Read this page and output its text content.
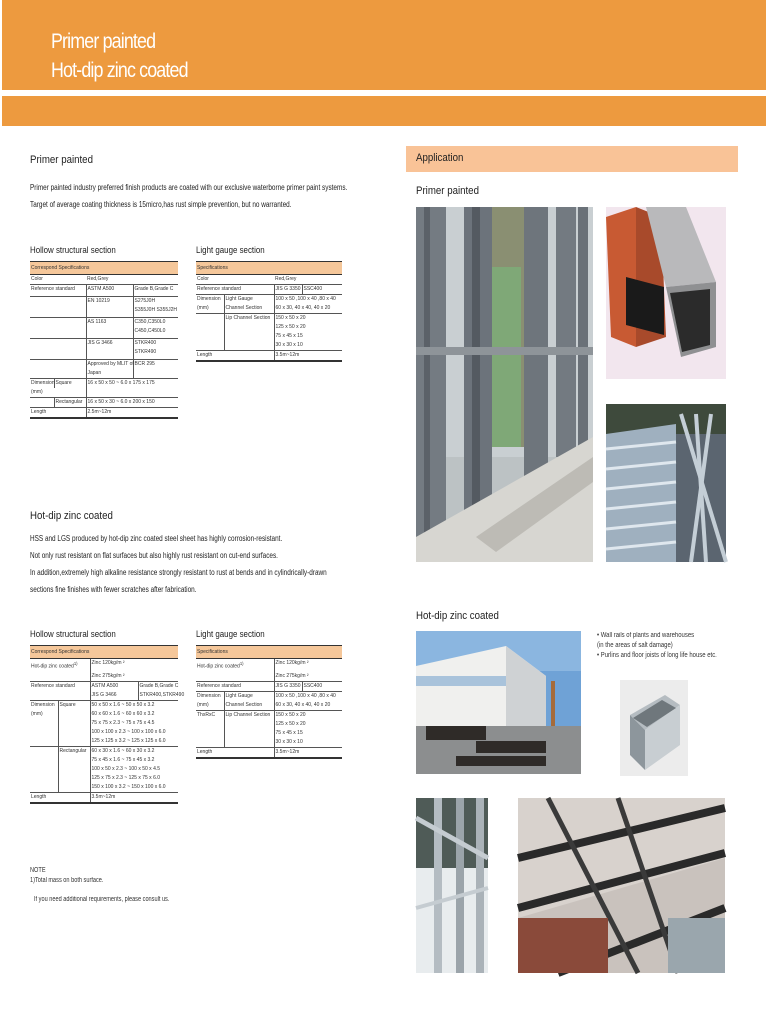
Primer painted
Hot-dip zinc coated
Primer painted
Primer painted industry preferred finish products are coated with our exclusive waterborne primer paint systems.
Target of average coating thickness is 15micro,has rust simple prevention, but no warranted.
Hollow structural section
Correspond Specifications			
Color		Red,Grey	
Reference standard		ASTM A500	Grade B,Grade C

		EN 10219	S275J0H
			S355J0H S355J2H

		AS 1163	C350,C350L0
			C450,C450L0

		JIS G 3466	STKR400
			STKR490

		Approved by MLIT of	BCR 295
		Japan	
Dimension	Square	16 x 50 x 50 ~ 6.0 x 175 x 175	
(mm)			
	Rectangular	16 x 50 x 30 ~ 6.0 x 200 x 150	
Length		2.5m~12m	
Light gauge section
Specifications			
Color		Red,Grey	
Reference standard		JIS G 3350	SSC400
Dimension	Light Gauge	100 x 50 ,100 x 40 ,80 x 40	
(mm)	Channel Section	60 x 30, 40 x 40, 40 x 20	
	Lip Channel Section	150 x 50 x 20	
		125 x 50 x 20	
		75 x 45 x 15	
		30 x 30 x 10	
Length		3.5m~12m	
Hot-dip zinc coated
HSS and LGS produced by hot-dip zinc coated steel sheet has highly corrosion-resistant.
Not only rust resistant on flat surfaces but also highly rust resistant on cut-end surfaces.
In addition,extremely high alkaline resistance strongly resistant to rust at bends and in cylindrically-drawn
sections fine finishes with fewer scratches after fabrication.
Hollow structural section
Correspond Specifications			
Hot-dip zinc coated$^{1)}$		Zinc 120kg/m ²	
		Zinc 275kg/m ²	
Reference standard		ASTM A500	Grade B,Grade C
		JIS G 3466	STKR400,STKR490
Dimension	Square	50 x 50 x 1.6 ~ 50 x 50 x 3.2	
(mm)		60 x 60 x 1.6 ~ 60 x 60 x 3.2	
		75 x 75 x 2.3 ~ 75 x 75 x 4.5	
		100 x 100 x 2.3 ~ 100 x 100 x 6.0	
		125 x 125 x 3.2 ~ 125 x 125 x 6.0	
	Rectangular	60 x 30 x 1.6 ~ 60 x 30 x 3.2	
		75 x 45 x 1.6 ~ 75 x 45 x 3.2	
		100 x 50 x 2.3 ~ 100 x 50 x 4.5	
		125 x 75 x 2.3 ~ 125 x 75 x 6.0	
		150 x 100 x 3.2 ~ 150 x 100 x 6.0	
Length		3.5m~12m	
Light gauge section
Specifications			
Hot-dip zinc coated$^{1)}$		Zinc 120kg/m ²	
		Zinc 275kg/m ²	
Reference standard		JIS G 3350	SSC400
Dimension	Light Gauge	100 x 50 ,100 x 40 ,80 x 40	
(mm)	Channel Section	60 x 30, 40 x 40, 40 x 20	
ThxRxC	Lip Channel Section	150 x 50 x 20	
		125 x 50 x 20	
		75 x 45 x 15	
		30 x 30 x 10	
Length		3.5m~12m	
NOTE
1)Total mass on both surface.
If you need additional requirements, please consult us.
Application
Primer painted
Hot-dip zinc coated
• Wall rails of plants and warehouses
(in the areas of salt damage)
• Purlins and floor joists of long life house etc.
